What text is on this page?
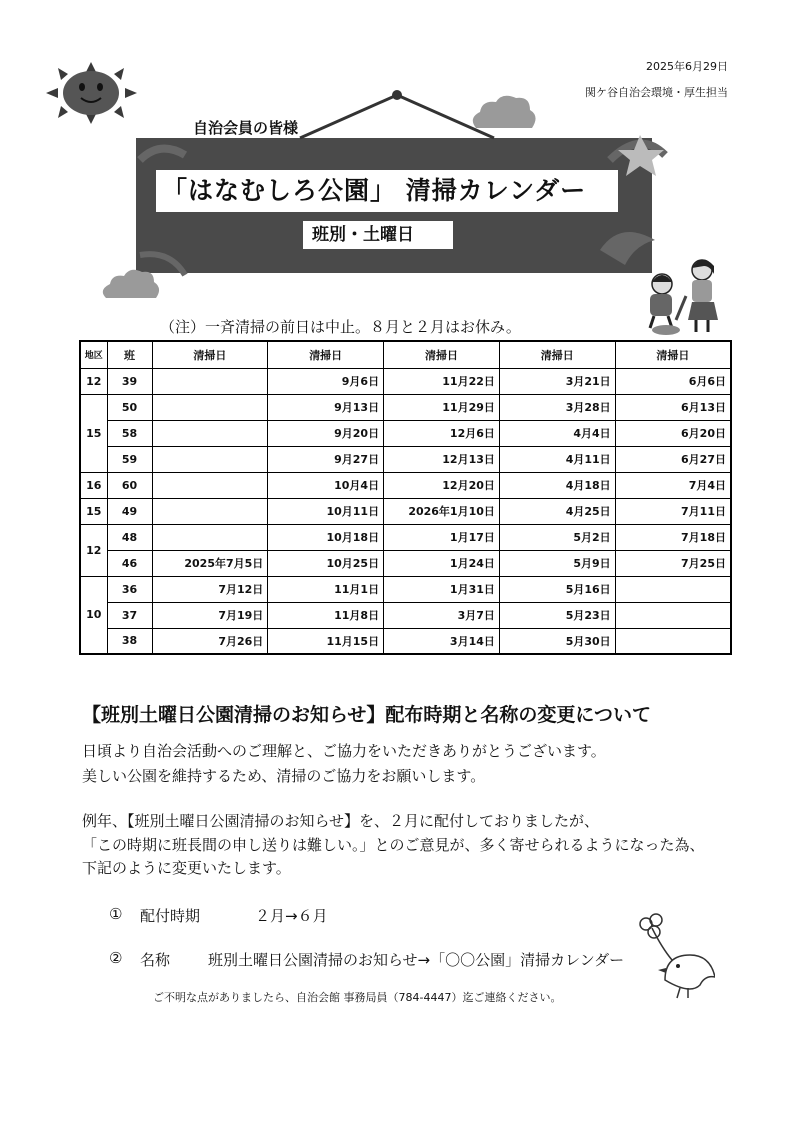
2025年6月29日
関ケ谷自治会環境・厚生担当
自治会員の皆様
「はなむしろ公園」 清掃カレンダー
班別・土曜日
（注）一斉清掃の前日は中止。８月と２月はお休み。
地区	班	清掃日	清掃日	清掃日	清掃日	清掃日
12	39		9月6日	11月22日	3月21日	6月6日
15	50		9月13日	11月29日	3月28日	6月13日
	58		9月20日	12月6日	4月4日	6月20日
	59		9月27日	12月13日	4月11日	6月27日
16	60		10月4日	12月20日	4月18日	7月4日
15	49		10月11日	2026年1月10日	4月25日	7月11日
12	48		10月18日	1月17日	5月2日	7月18日
	46	2025年7月5日	10月25日	1月24日	5月9日	7月25日
10	36	7月12日	11月1日	1月31日	5月16日	
	37	7月19日	11月8日	3月7日	5月23日	
	38	7月26日	11月15日	3月14日	5月30日	
【班別土曜日公園清掃のお知らせ】配布時期と名称の変更について
日頃より自治会活動へのご理解と、ご協力をいただきありがとうございます。
美しい公園を維持するため、清掃のご協力をお願いします。
例年、【班別土曜日公園清掃のお知らせ】を、２月に配付しておりましたが、
「この時期に班長間の申し送りは難しい。」とのご意見が、多く寄せられるようになった為、
下記のように変更いたします。
① 配付時期	２月→６月
② 名称	班別土曜日公園清掃のお知らせ→「〇〇公園」清掃カレンダー
ご不明な点がありましたら、自治会館 事務局員（784-4447）迄ご連絡ください。
